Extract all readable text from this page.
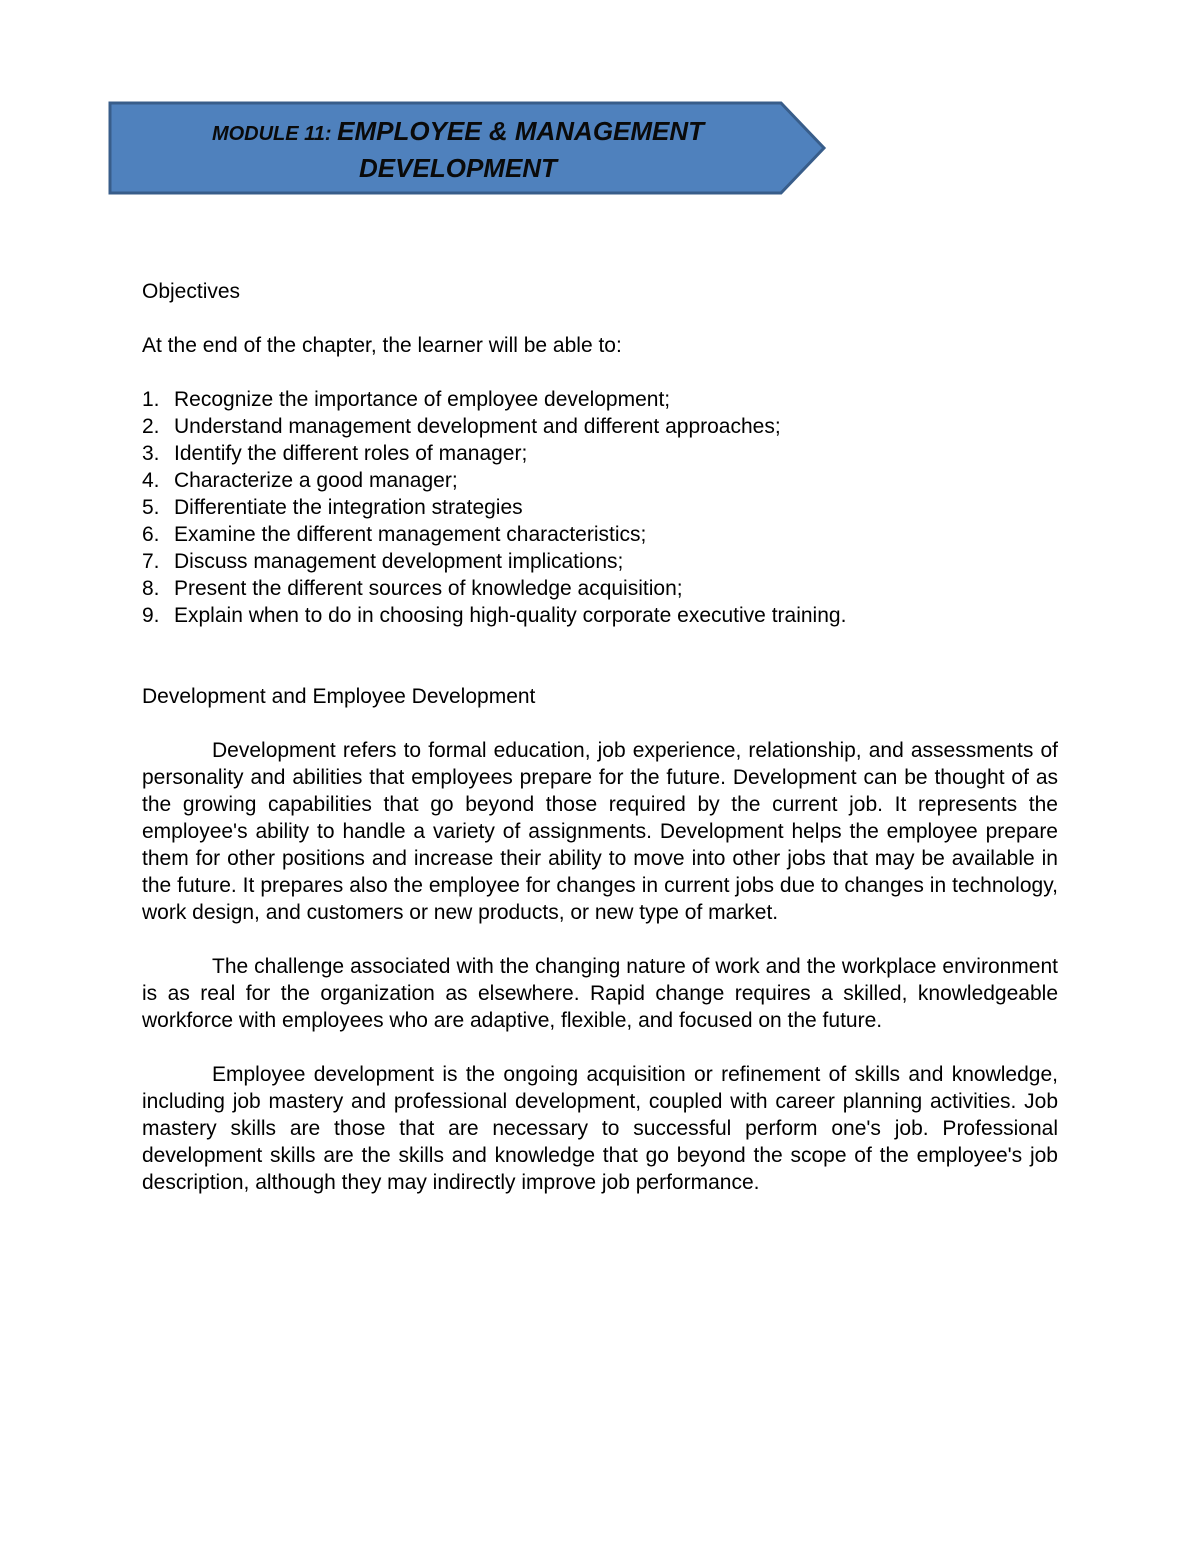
MODULE 11: EMPLOYEE & MANAGEMENT
DEVELOPMENT
Objectives
At the end of the chapter, the learner will be able to:
1. Recognize the importance of employee development;
2. Understand management development and different approaches;
3. Identify the different roles of manager;
4. Characterize a good manager;
5. Differentiate the integration strategies
6. Examine the different management characteristics;
7. Discuss management development implications;
8. Present the different sources of knowledge acquisition;
9. Explain when to do in choosing high-quality corporate executive training.
Development and Employee Development

Development refers to formal education, job experience, relationship, and assessments of personality and abilities that employees prepare for the future. Development can be thought of as the growing capabilities that go beyond those required by the current job. It represents the employee's ability to handle a variety of assignments. Development helps the employee prepare them for other positions and increase their ability to move into other jobs that may be available in the future. It prepares also the employee for changes in current jobs due to changes in technology, work design, and customers or new products, or new type of market.

The challenge associated with the changing nature of work and the workplace environment is as real for the organization as elsewhere. Rapid change requires a skilled, knowledgeable workforce with employees who are adaptive, flexible, and focused on the future.

Employee development is the ongoing acquisition or refinement of skills and knowledge, including job mastery and professional development, coupled with career planning activities. Job mastery skills are those that are necessary to successful perform one's job. Professional development skills are the skills and knowledge that go beyond the scope of the employee's job description, although they may indirectly improve job performance.
